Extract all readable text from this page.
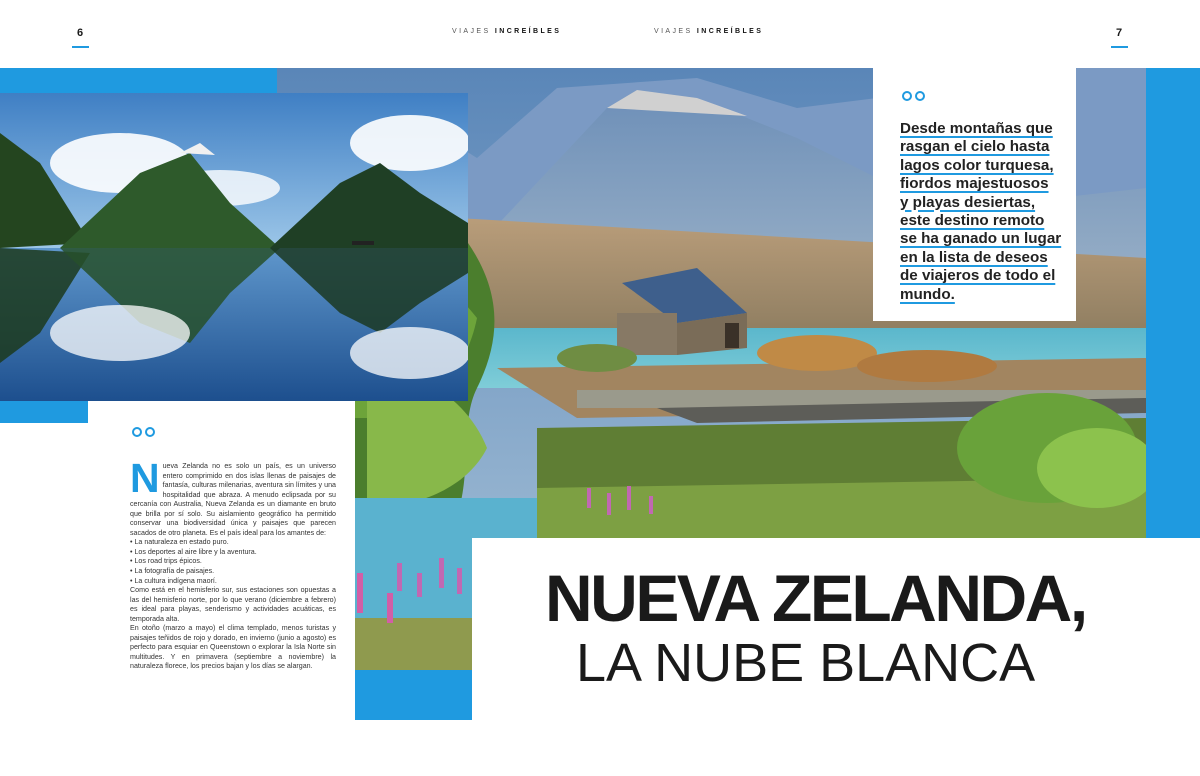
6	7
VIAJES INCREÍBLES	VIAJES INCREÍBLES
Desde montañas que
rasgan el cielo hasta
lagos color turquesa,
fiordos majestuosos
y playas desiertas,
este destino remoto
se ha ganado un lugar
en la lista de deseos
de viajeros de todo el
mundo.
N ueva Zelanda no es solo un país, es un universo entero comprimido en dos islas llenas de paisajes de fantasía, culturas milenarias, aventura sin límites y una hospitalidad que abraza. A menudo eclipsada por su cercanía con Australia, Nueva Zelanda es un diamante en bruto que brilla por sí solo. Su aislamiento geográfico ha permitido conservar una biodiversidad única y paisajes que parecen sacados de otro planeta. Es el país ideal para los amantes de:

• La naturaleza en estado puro.
• Los deportes al aire libre y la aventura.
• Los road trips épicos.
• La fotografía de paisajes.
• La cultura indígena maorí.

Como está en el hemisferio sur, sus estaciones son opuestas a las del hemisferio norte, por lo que verano (diciembre a febrero) es ideal para playas, senderismo y actividades acuáticas, es temporada alta.

En otoño (marzo a mayo) el clima templado, menos turistas y paisajes teñidos de rojo y dorado, en invierno (junio a agosto) es perfecto para esquiar en Queenstown o explorar la Isla Norte sin multitudes. Y en primavera (septiembre a noviembre) la naturaleza florece, los precios bajan y los días se alargan.

NUEVA ZELANDA,
LA NUBE BLANCA
